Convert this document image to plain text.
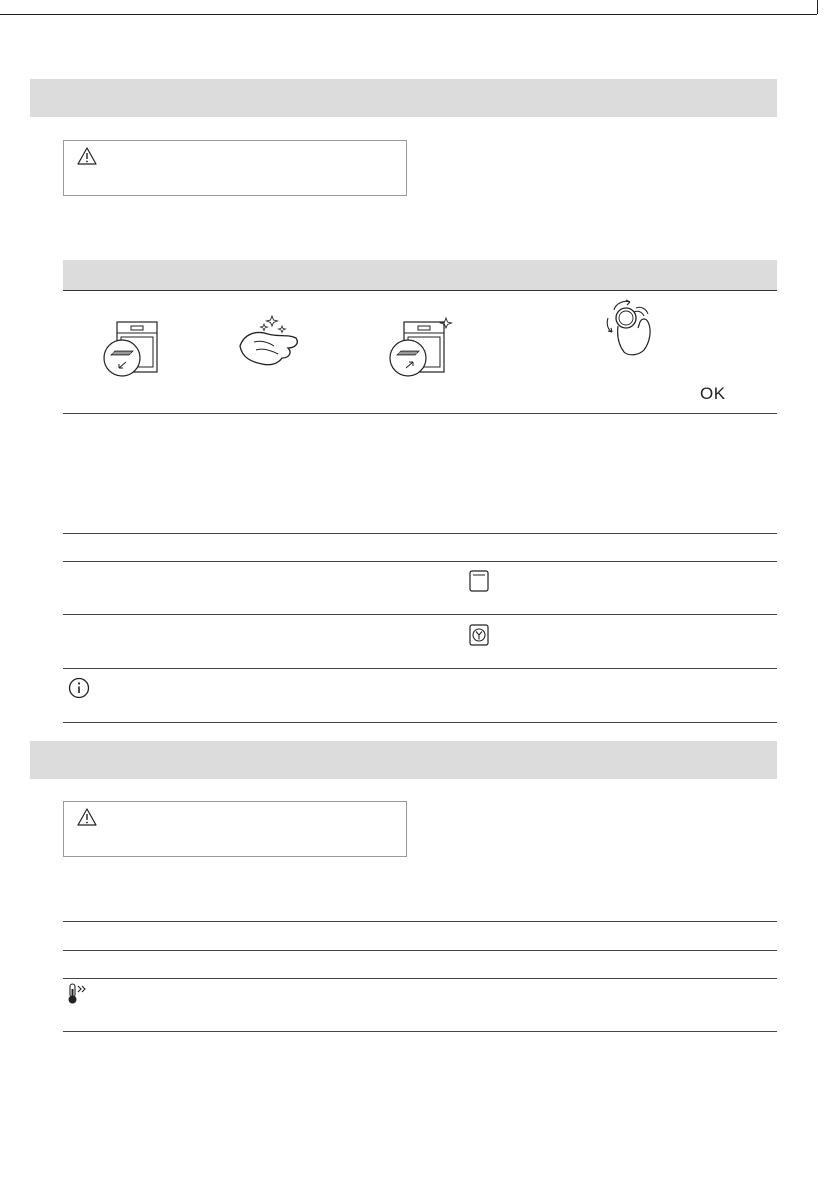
OK
